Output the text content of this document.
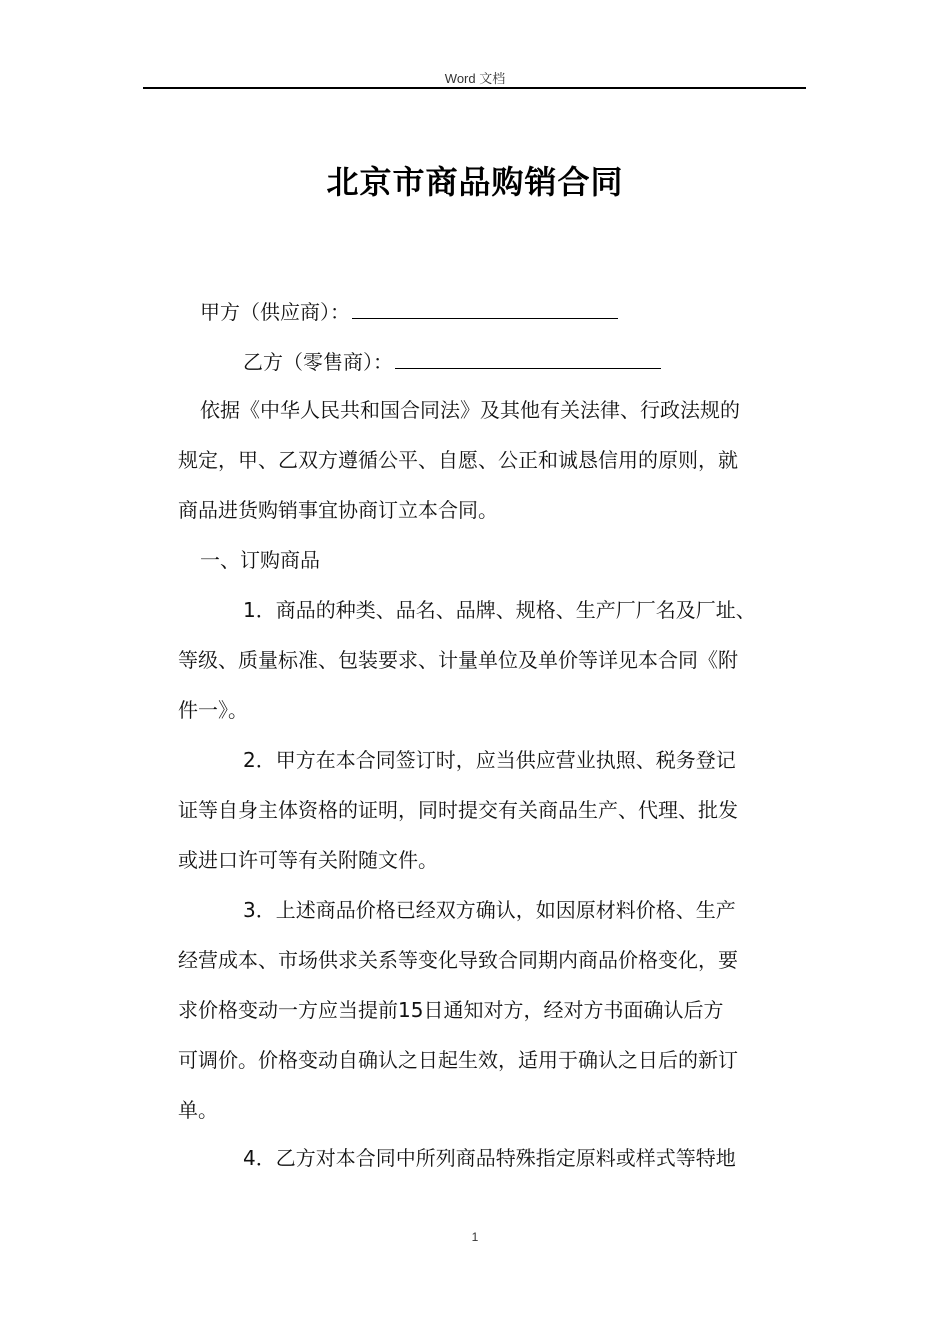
Word 文档
北京市商品购销合同
甲方（供应商）：
乙方（零售商）：
依据《中华人民共和国合同法》及其他有关法律、行政法规的
规定，甲、乙双方遵循公平、自愿、公正和诚恳信用的原则，就
商品进货购销事宜协商订立本合同。
一、订购商品
1．商品的种类、品名、品牌、规格、生产厂厂名及厂址、
等级、质量标准、包装要求、计量单位及单价等详见本合同《附
件一》。
2．甲方在本合同签订时，应当供应营业执照、税务登记
证等自身主体资格的证明，同时提交有关商品生产、代理、批发
或进口许可等有关附随文件。
3．上述商品价格已经双方确认，如因原材料价格、生产
经营成本、市场供求关系等变化导致合同期内商品价格变化，要
求价格变动一方应当提前15日通知对方，经对方书面确认后方
可调价。价格变动自确认之日起生效，适用于确认之日后的新订
单。
4．乙方对本合同中所列商品特殊指定原料或样式等特地
1
